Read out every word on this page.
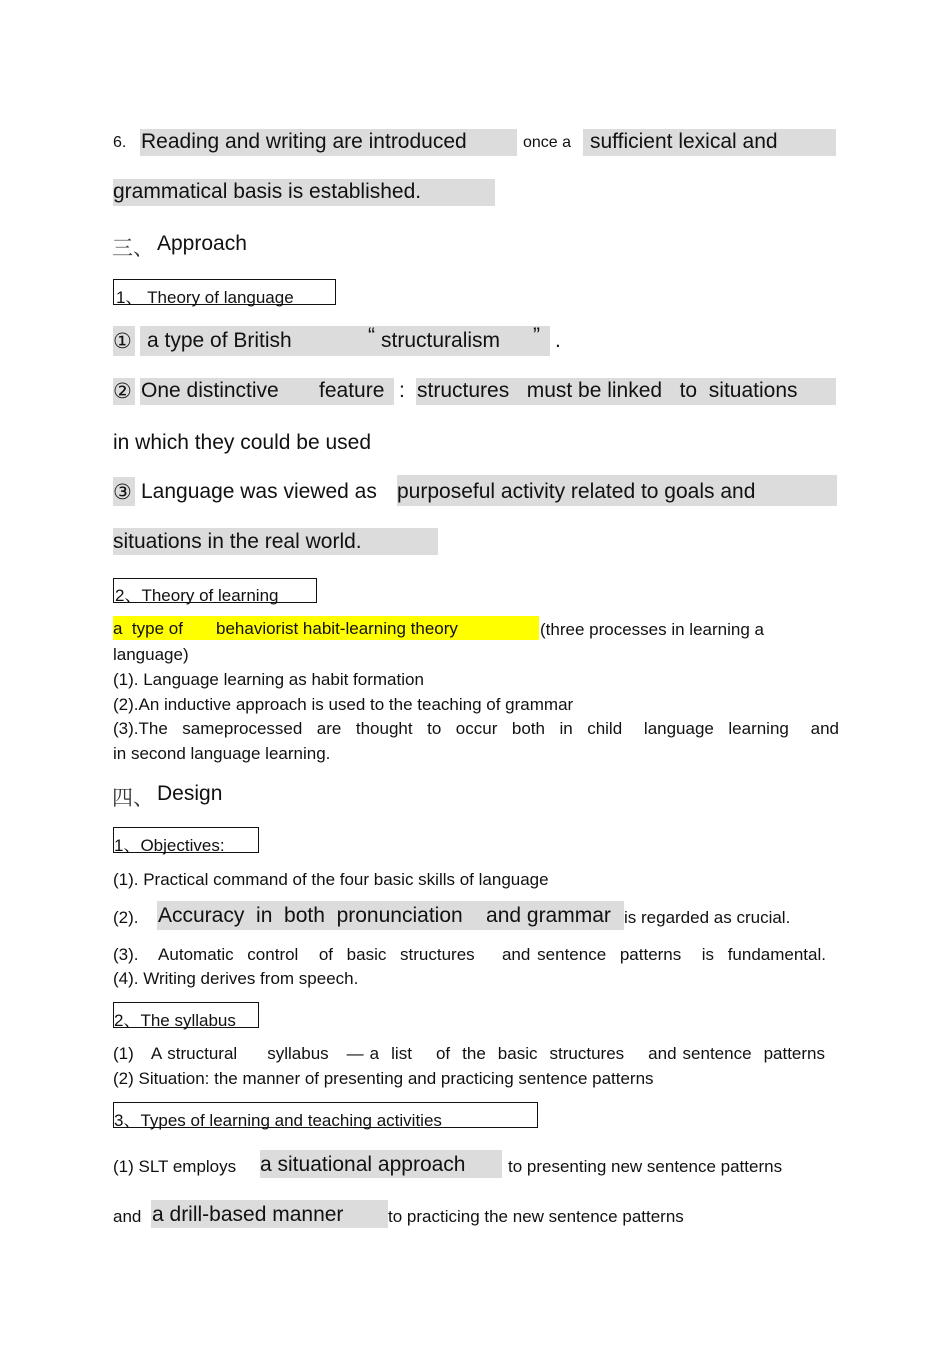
6. Reading and writing are introduced	once a sufficient lexical and
grammatical basis is established.
三、 Approach
1、 Theory of language
① a type of British	“ structuralism ” .
② One distinctive feature : structures   must be linked   to  situations
in which they could be used
③ Language was viewed as purposeful activity related to goals and
situations in the real world.
2、Theory of learning
a  type of behaviorist habit-learning theory	(three processes in learning a
language)
(1). Language learning as habit formation
(2).An inductive approach is used to the teaching of grammar
(3).The  sameprocessed  are  thought  to  occur  both  in  child   language  learning   and
in second language learning.
四、 Design
1、Objectives:
(1). Practical command of the four basic skills of language
(2). Accuracy  in  both  pronunciation    and grammar is regarded as crucial.
(3).   Automatic  control   of  basic  structures    and sentence  patterns   is  fundamental.
(4). Writing derives from speech.
2、The syllabus
(1)   A structural     syllabus   — a  list    of  the  basic  structures    and sentence  patterns
(2) Situation: the manner of presenting and practicing sentence patterns
3、Types of learning and teaching activities
(1) SLT employs a situational approach	to presenting new sentence patterns
and a drill-based manner	to practicing the new sentence patterns
